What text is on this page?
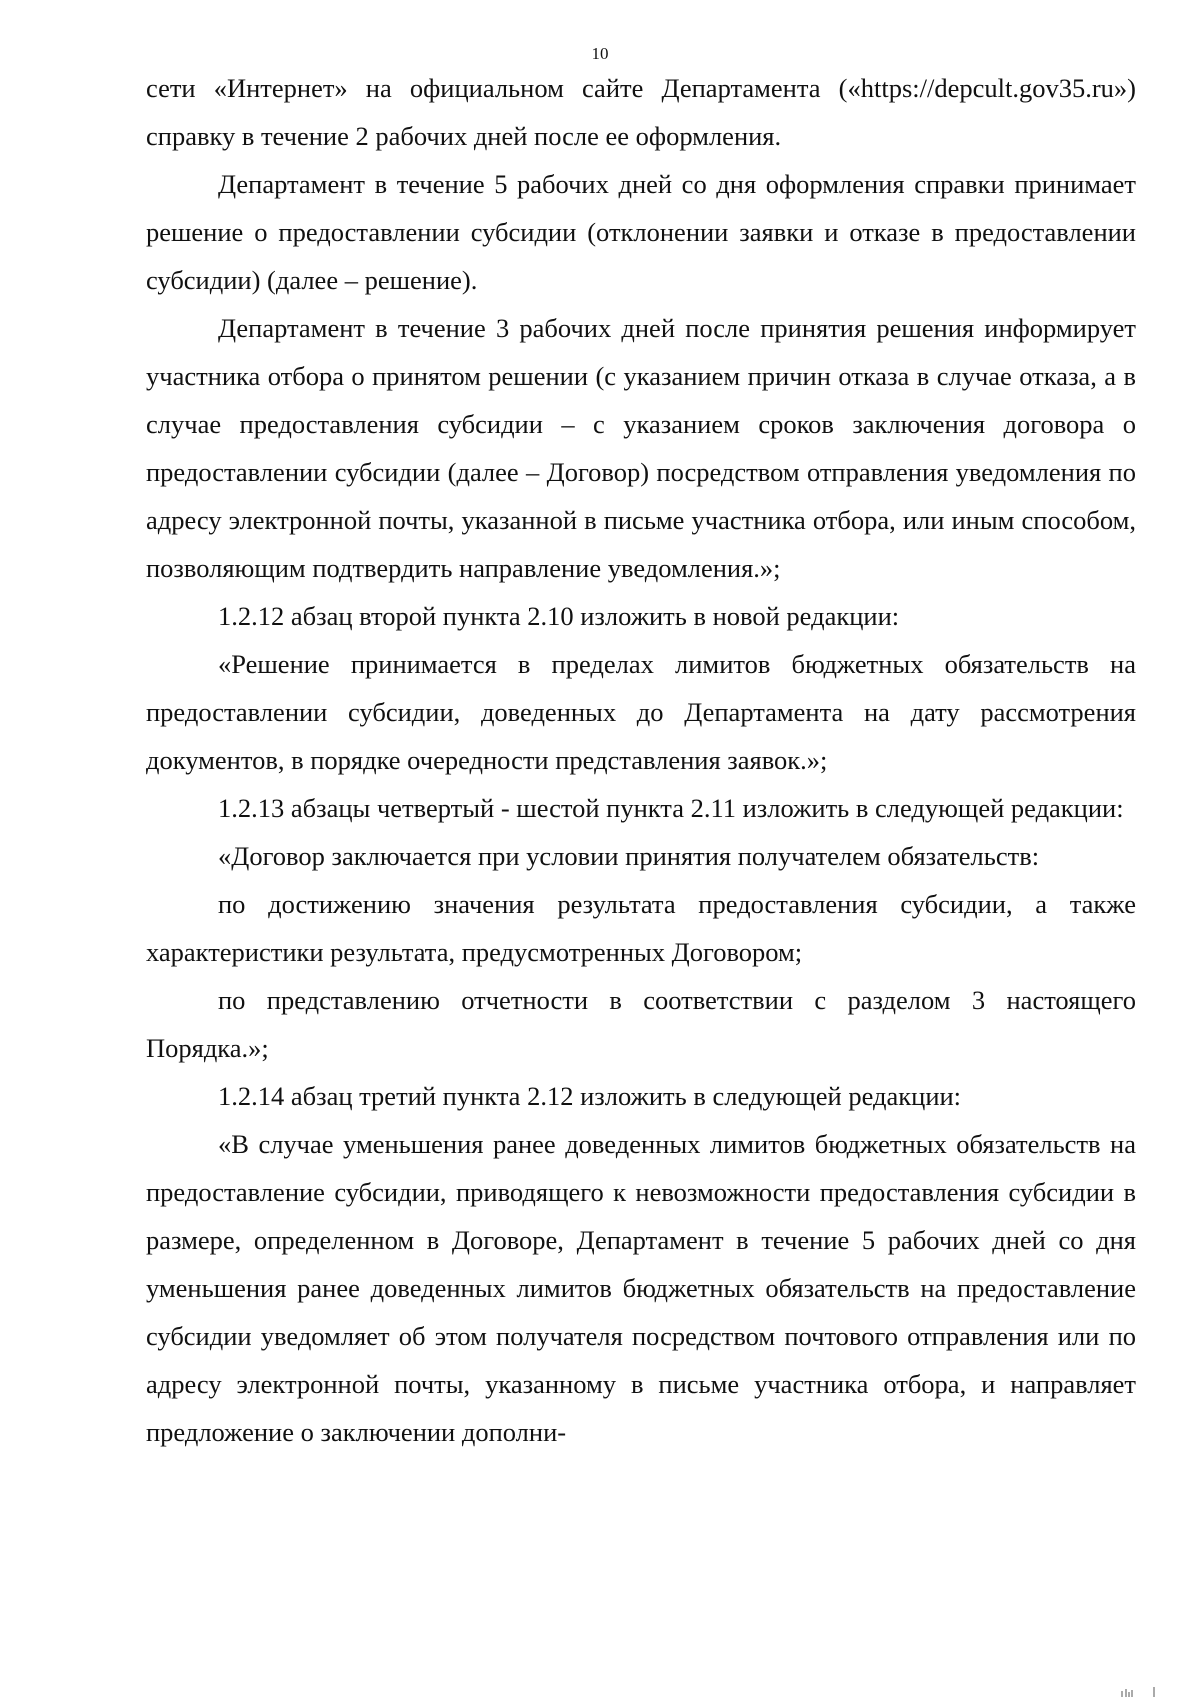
10

сети «Интернет» на официальном сайте Департамента («https://depcult.gov35.ru») справку в течение 2 рабочих дней после ее оформления.

Департамент в течение 5 рабочих дней со дня оформления справки принимает решение о предоставлении субсидии (отклонении заявки и отказе в предоставлении субсидии) (далее – решение).

Департамент в течение 3 рабочих дней после принятия решения информирует участника отбора о принятом решении (с указанием причин отказа в случае отказа, а в случае предоставления субсидии – с указанием сроков заключения договора о предоставлении субсидии (далее – Договор) посредством отправления уведомления по адресу электронной почты, указанной в письме участника отбора, или иным способом, позволяющим подтвердить направление уведомления.»;

1.2.12 абзац второй пункта 2.10 изложить в новой редакции:

«Решение принимается в пределах лимитов бюджетных обязательств на предоставлении субсидии, доведенных до Департамента на дату рассмотрения документов, в порядке очередности представления заявок.»;

1.2.13 абзацы четвертый - шестой пункта 2.11 изложить в следующей редакции:

«Договор заключается при условии принятия получателем обязательств:

по достижению значения результата предоставления субсидии, а также характеристики результата, предусмотренных Договором;

по представлению отчетности в соответствии с разделом 3 настоящего Порядка.»;

1.2.14 абзац третий пункта 2.12 изложить в следующей редакции:

«В случае уменьшения ранее доведенных лимитов бюджетных обязательств на предоставление субсидии, приводящего к невозможности предоставления субсидии в размере, определенном в Договоре, Департамент в течение 5 рабочих дней со дня уменьшения ранее доведенных лимитов бюджетных обязательств на предоставление субсидии уведомляет об этом получателя посредством почтового отправления или по адресу электронной почты, указанному в письме участника отбора, и направляет предложение о заключении дополни-
